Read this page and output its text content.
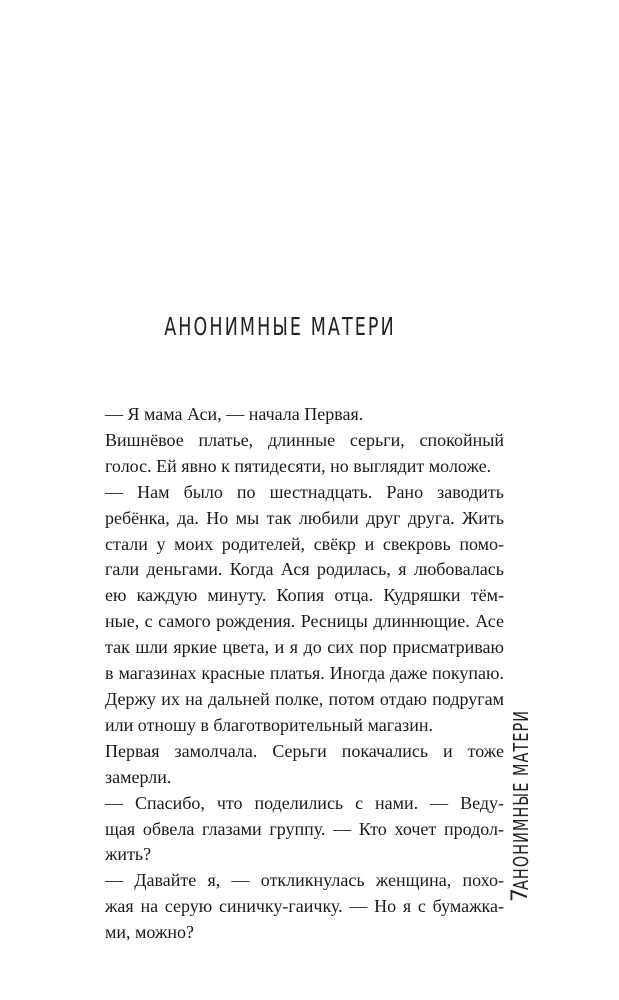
АНОНИМНЫЕ МАТЕРИ

— Я мама Аси, — начала Первая.

Вишнёвое платье, длинные серьги, спокойный
голос. Ей явно к пятидесяти, но выглядит моложе.

— Нам было по шестнадцать. Рано заводить
ребёнка, да. Но мы так любили друг друга. Жить
стали у моих родителей, свёкр и свекровь помо-
гали деньгами. Когда Ася родилась, я любовалась
ею каждую минуту. Копия отца. Кудряшки тём-
ные, с самого рождения. Ресницы длиннющие. Асе
так шли яркие цвета, и я до сих пор присматриваю
в магазинах красные платья. Иногда даже покупаю.
Держу их на дальней полке, потом отдаю подругам
или отношу в благотворительный магазин.

Первая замолчала. Серьги покачались и тоже
замерли.

— Спасибо, что поделились с нами. — Веду-
щая обвела глазами группу. — Кто хочет продол-
жить?

— Давайте я, — откликнулась женщина, похо-
жая на серую синичку-гаичку. — Но я с бумажка-
ми, можно?

АНОНИМНЫЕ МАТЕРИ
7
